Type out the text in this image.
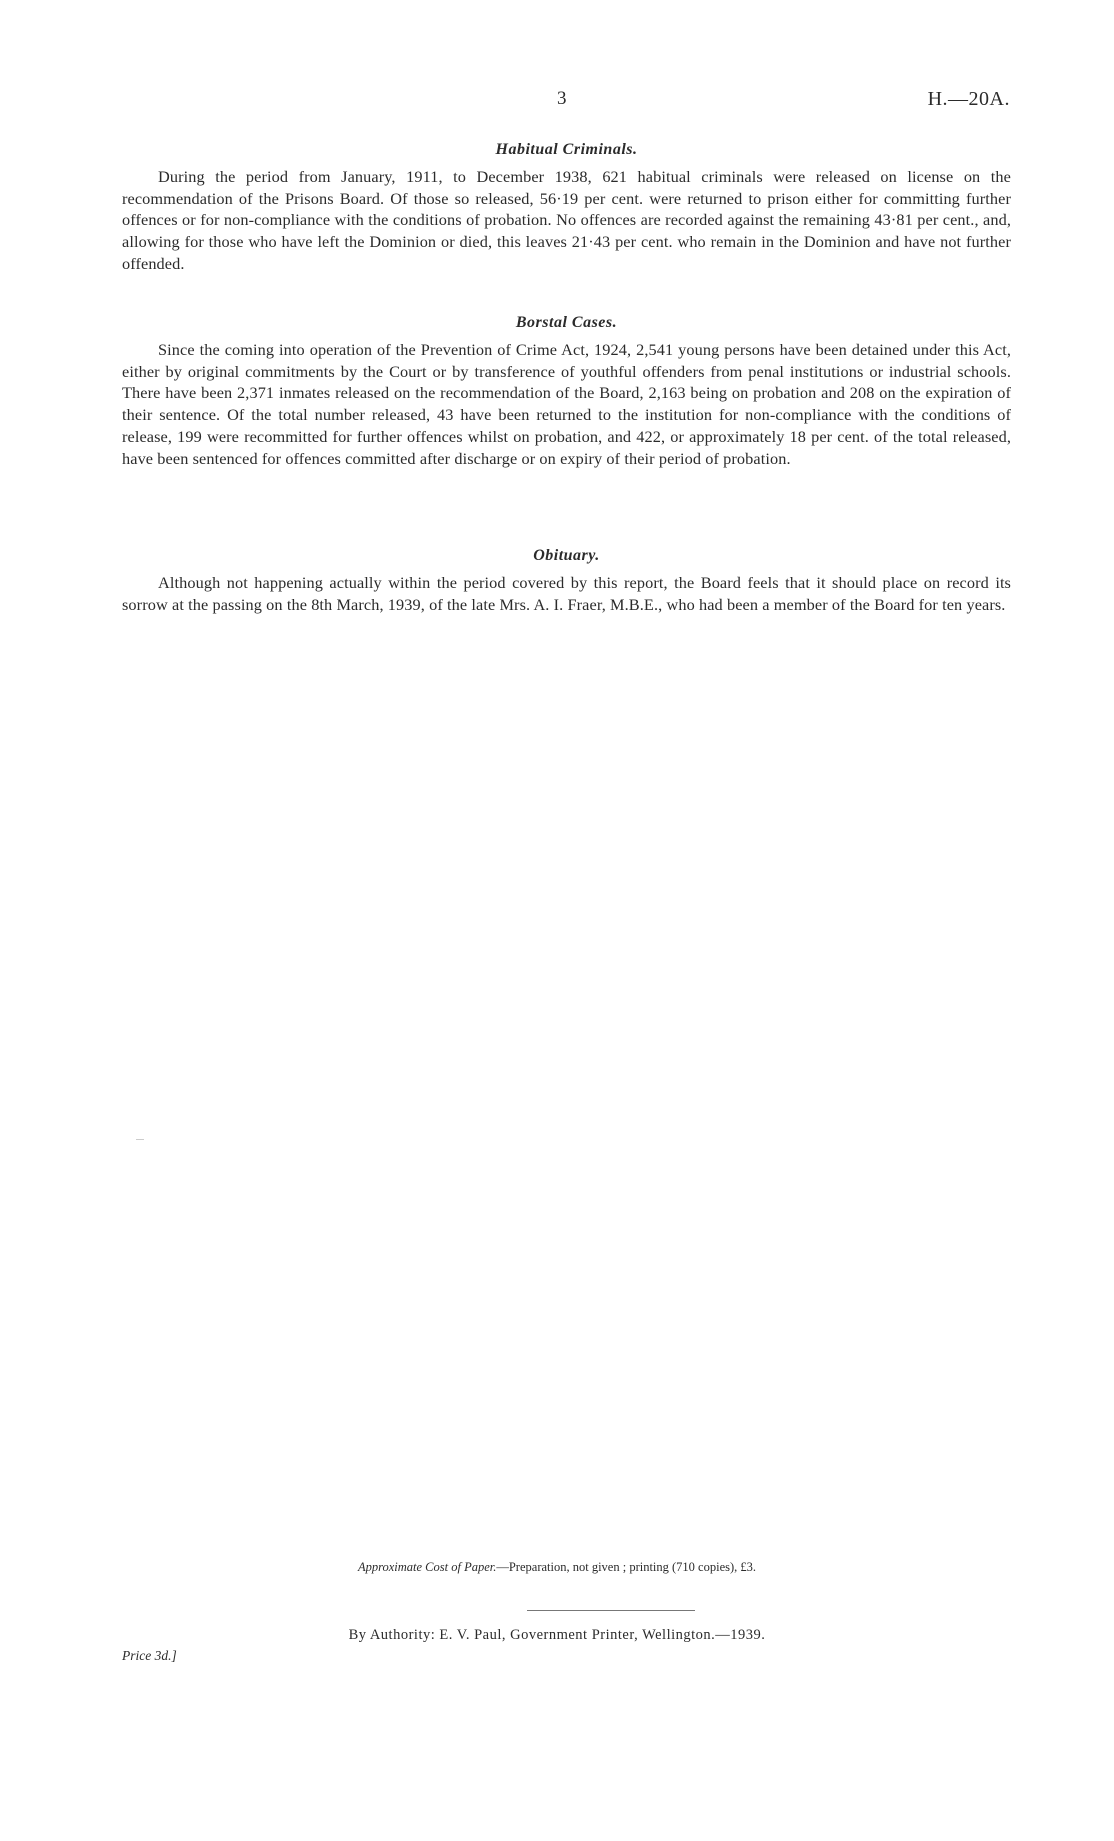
3	H.—20A.
Habitual Criminals.

During the period from January, 1911, to December 1938, 621 habitual criminals were released on license on the recommendation of the Prisons Board. Of those so released, 56·19 per cent. were returned to prison either for committing further offences or for non-compliance with the conditions of probation. No offences are recorded against the remaining 43·81 per cent., and, allowing for those who have left the Dominion or died, this leaves 21·43 per cent. who remain in the Dominion and have not further offended.

Borstal Cases.

Since the coming into operation of the Prevention of Crime Act, 1924, 2,541 young persons have been detained under this Act, either by original commitments by the Court or by transference of youthful offenders from penal institutions or industrial schools. There have been 2,371 inmates released on the recommendation of the Board, 2,163 being on probation and 208 on the expiration of their sentence. Of the total number released, 43 have been returned to the institution for non-compliance with the conditions of release, 199 were recommitted for further offences whilst on probation, and 422, or approximately 18 per cent. of the total released, have been sentenced for offences committed after discharge or on expiry of their period of probation.

Obituary.

Although not happening actually within the period covered by this report, the Board feels that it should place on record its sorrow at the passing on the 8th March, 1939, of the late Mrs. A. I. Fraer, M.B.E., who had been a member of the Board for ten years.

Approximate Cost of Paper.—Preparation, not given ; printing (710 copies), £3.
By Authority: E. V. Paul, Government Printer, Wellington.—1939.
Price 3d.]
